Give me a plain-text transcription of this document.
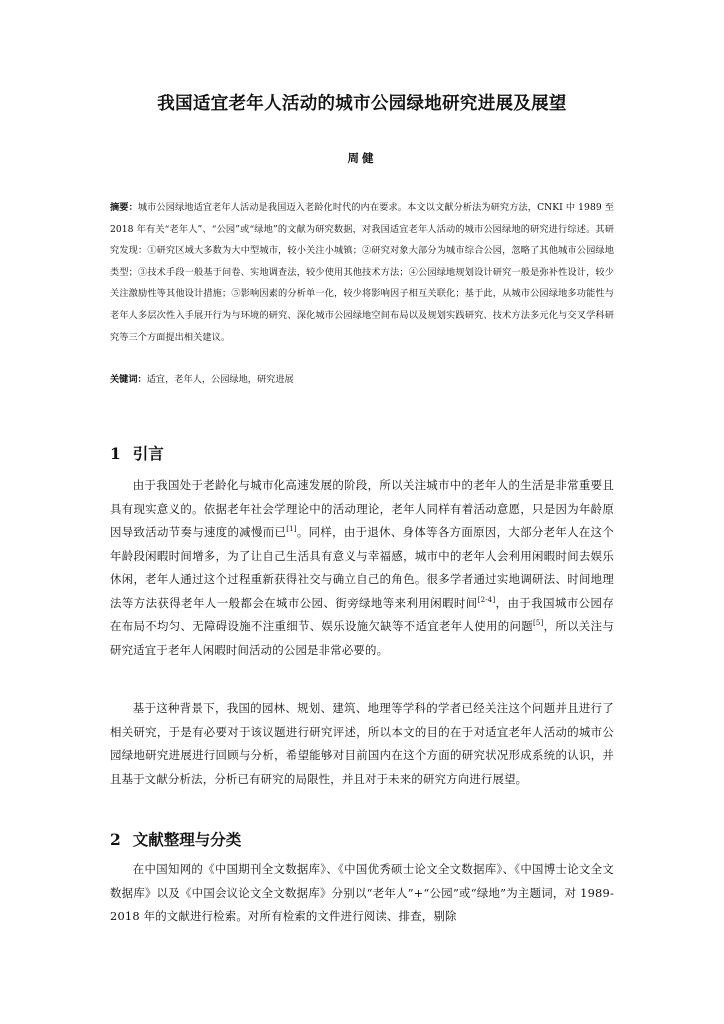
我国适宜老年人活动的城市公园绿地研究进展及展望
周健
摘要：城市公园绿地适宜老年人活动是我国迈入老龄化时代的内在要求。本文以文献分析法为研究方法，CNKI 中 1989 至 2018 年有关“老年人”、“公园”或“绿地”的文献为研究数据，对我国适宜老年人活动的城市公园绿地的研究进行综述。其研究发现：①研究区域大多数为大中型城市，较小关注小城镇；②研究对象大部分为城市综合公园，忽略了其他城市公园绿地类型；③技术手段一般基于问卷、实地调查法，较少使用其他技术方法；④公园绿地规划设计研究一般是弥补性设计，较少关注激励性等其他设计措施；⑤影响因素的分析单一化，较少将影响因子相互关联化；基于此，从城市公园绿地多功能性与老年人多层次性入手展开行为与环境的研究、深化城市公园绿地空间布局以及规划实践研究、技术方法多元化与交叉学科研究等三个方面提出相关建议。
关键词：适宜，老年人，公园绿地，研究进展
1 引言
由于我国处于老龄化与城市化高速发展的阶段，所以关注城市中的老年人的生活是非常重要且具有现实意义的。依据老年社会学理论中的活动理论，老年人同样有着活动意愿，只是因为年龄原因导致活动节奏与速度的减慢而已[1]。同样，由于退休、身体等各方面原因，大部分老年人在这个年龄段闲暇时间增多，为了让自己生活具有意义与幸福感，城市中的老年人会利用闲暇时间去娱乐休闲，老年人通过这个过程重新获得社交与确立自己的角色。很多学者通过实地调研法、时间地理法等方法获得老年人一般都会在城市公园、街旁绿地等来利用闲暇时间[2-4]，由于我国城市公园存在布局不均匀、无障碍设施不注重细节、娱乐设施欠缺等不适宜老年人使用的问题[5]，所以关注与研究适宜于老年人闲暇时间活动的公园是非常必要的。
基于这种背景下，我国的园林、规划、建筑、地理等学科的学者已经关注这个问题并且进行了相关研究，于是有必要对于该议题进行研究评述，所以本文的目的在于对适宜老年人活动的城市公园绿地研究进展进行回顾与分析，希望能够对目前国内在这个方面的研究状况形成系统的认识，并且基于文献分析法，分析已有研究的局限性，并且对于未来的研究方向进行展望。
2 文献整理与分类
在中国知网的《中国期刊全文数据库》、《中国优秀硕士论文全文数据库》、《中国博士论文全文数据库》以及《中国会议论文全文数据库》分别以“老年人”+“公园”或“绿地”为主题词，对 1989-2018 年的文献进行检索。对所有检索的文件进行阅读、排查，剔除
